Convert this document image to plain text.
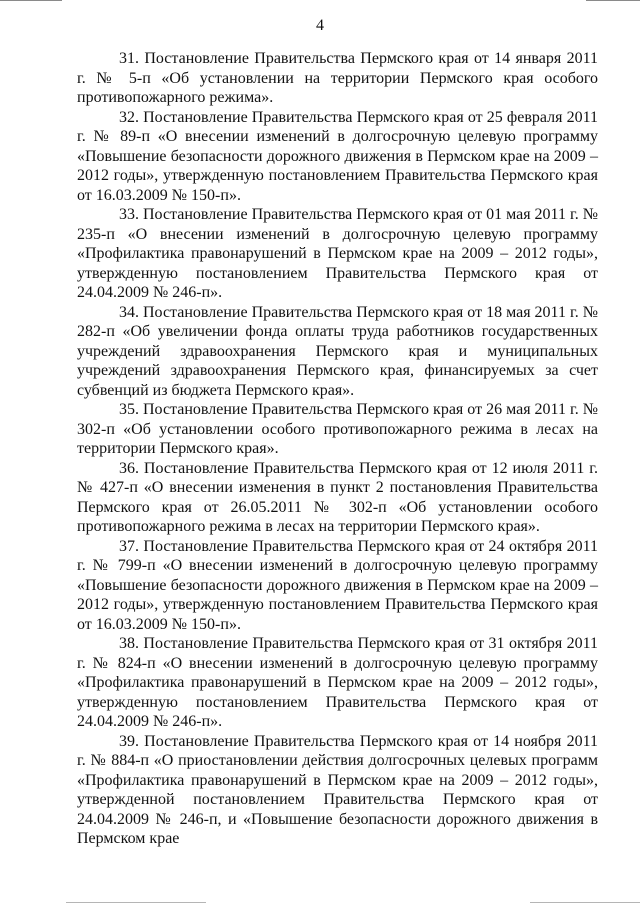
4

31. Постановление Правительства Пермского края от 14 января 2011 г. № 5-п «Об установлении на территории Пермского края особого противопожарного режима».

32. Постановление Правительства Пермского края от 25 февраля 2011 г. № 89-п «О внесении изменений в долгосрочную целевую программу «Повышение безопасности дорожного движения в Пермском крае на 2009 – 2012 годы», утвержденную постановлением Правительства Пермского края от 16.03.2009 № 150-п».

33. Постановление Правительства Пермского края от 01 мая 2011 г. № 235-п «О внесении изменений в долгосрочную целевую программу «Профилактика правонарушений в Пермском крае на 2009 – 2012 годы», утвержденную постановлением Правительства Пермского края от 24.04.2009 № 246-п».

34. Постановление Правительства Пермского края от 18 мая 2011 г. № 282-п «Об увеличении фонда оплаты труда работников государственных учреждений здравоохранения Пермского края и муниципальных учреждений здравоохранения Пермского края, финансируемых за счет субвенций из бюджета Пермского края».

35. Постановление Правительства Пермского края от 26 мая 2011 г. № 302-п «Об установлении особого противопожарного режима в лесах на территории Пермского края».

36. Постановление Правительства Пермского края от 12 июля 2011 г. № 427-п «О внесении изменения в пункт 2 постановления Правительства Пермского края от 26.05.2011 № 302-п «Об установлении особого противопожарного режима в лесах на территории Пермского края».

37. Постановление Правительства Пермского края от 24 октября 2011 г. № 799-п «О внесении изменений в долгосрочную целевую программу «Повышение безопасности дорожного движения в Пермском крае на 2009 – 2012 годы», утвержденную постановлением Правительства Пермского края от 16.03.2009 № 150-п».

38. Постановление Правительства Пермского края от 31 октября 2011 г. № 824-п «О внесении изменений в долгосрочную целевую программу «Профилактика правонарушений в Пермском крае на 2009 – 2012 годы», утвержденную постановлением Правительства Пермского края от 24.04.2009 № 246-п».

39. Постановление Правительства Пермского края от 14 ноября 2011 г. № 884-п «О приостановлении действия долгосрочных целевых программ «Профилактика правонарушений в Пермском крае на 2009 – 2012 годы», утвержденной постановлением Правительства Пермского края от 24.04.2009 № 246-п, и «Повышение безопасности дорожного движения в Пермском крае
